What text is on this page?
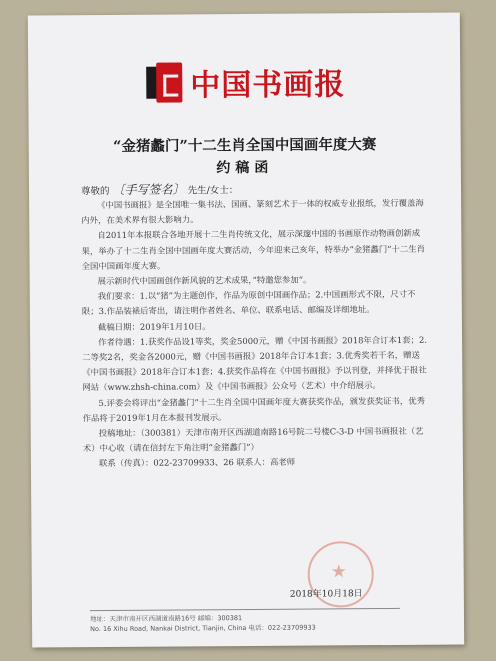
中国书画报
“金猪蠡门”十二生肖全国中国画年度大赛
约稿函
尊敬的 〔手写签名〕 先生/女士：

《中国书画报》是全国唯一集书法、国画、篆刻艺术于一体的权威专业报纸，发行覆盖海内外，在美术界有很大影响力。

自2011年本报联合各地开展十二生肖传统文化，展示深邃中国的书画原作动物画创新成果，举办了十二生肖全国中国画年度大赛活动，今年迎来己亥年，特举办“金猪蠡门”十二生肖全国中国画年度大赛。

展示新时代中国画创作新风貌的艺术成果，”特邀您参加“。

我们要求：1.以“猪”为主题创作，作品为原创中国画作品；2.中国画形式不限，尺寸不限；3.作品装裱后寄出，请注明作者姓名、单位、联系电话、邮编及详细地址。

截稿日期：2019年1月10日。

作者待遇：1.获奖作品设1等奖，奖金5000元，赠《中国书画报》2018年合订本1套；2.二等奖2名，奖金各2000元，赠《中国书画报》2018年合订本1套；3.优秀奖若干名，赠送《中国书画报》2018年合订本1套；4.获奖作品将在《中国书画报》予以刊登，并择优于报社网站（www.zhsh-china.com）及《中国书画报》公众号（艺术）中介绍展示。

5.评委会将评出“金猪蠡门”十二生肖全国中国画年度大赛获奖作品，颁发获奖证书，优秀作品将于2019年1月在本报刊发展示。

投稿地址：（300381）天津市南开区西湖道南路16号院二号楼C-3-D 中国书画报社（艺术）中心收（请在信封左下角注明“金猪蠡门”）

联系（传真）：022-23709933、26 联系人：高老师

★
2018年10月18日
地址：天津市南开区西湖道南路16号 邮编：300381
No. 16 Xihu Road, Nankai District, Tianjin, China 电话：022-23709933
